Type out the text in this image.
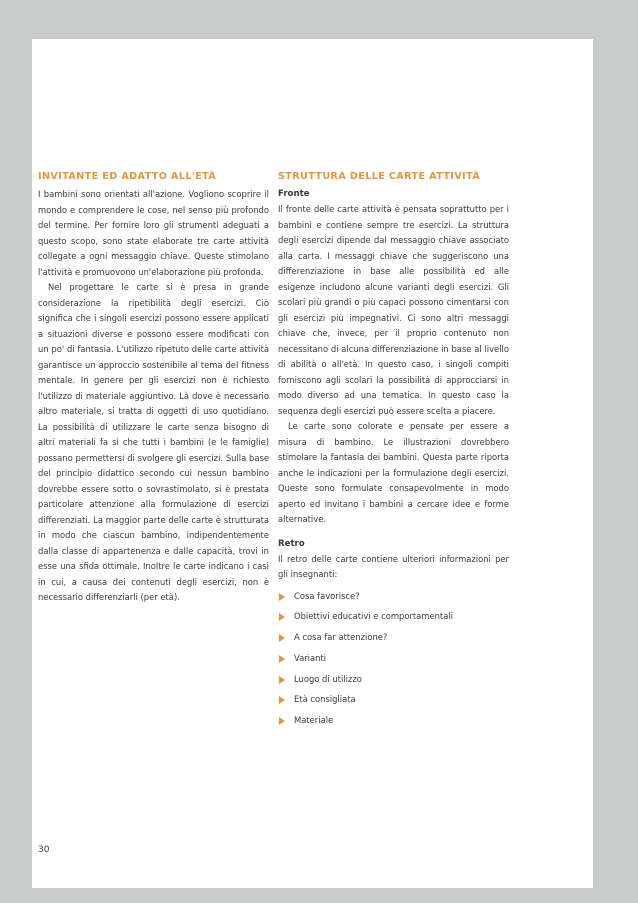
INVITANTE ED ADATTO ALL'ETÀ

I bambini sono orientati all'azione. Vogliono scoprire il mondo e comprendere le cose, nel senso più profondo del termine. Per fornire loro gli strumenti adeguati a questo scopo, sono state elaborate tre carte attività collegate a ogni messaggio chiave. Queste stimolano l'attività e promuovono un'elaborazione più profonda.

Nel progettare le carte si è presa in grande considerazione la ripetibilità degli esercizi. Ciò significa che i singoli esercizi possono essere applicati a situazioni diverse e possono essere modificati con un po' di fantasia. L'utilizzo ripetuto delle carte attività garantisce un approccio sostenibile al tema del fitness mentale. In genere per gli esercizi non è richiesto l'utilizzo di materiale aggiuntivo. Là dove è necessario altro materiale, si tratta di oggetti di uso quotidiano. La possibilità di utilizzare le carte senza bisogno di altri materiali fa sì che tutti i bambini (e le famiglie) possano permettersi di svolgere gli esercizi. Sulla base del principio didattico secondo cui nessun bambino dovrebbe essere sotto o sovrastimolato, si è prestata particolare attenzione alla formulazione di esercizi differenziati. La maggior parte delle carte è strutturata in modo che ciascun bambino, indipendentemente dalla classe di appartenenza e dalle capacità, trovi in esse una sfida ottimale. Inoltre le carte indicano i casi in cui, a causa dei contenuti degli esercizi, non è necessario differenziarli (per età).

STRUTTURA DELLE CARTE ATTIVITÀ
Fronte

Il fronte delle carte attività è pensata soprattutto per i bambini e contiene sempre tre esercizi. La struttura degli esercizi dipende dal messaggio chiave associato alla carta. I messaggi chiave che suggeriscono una differenziazione in base alle possibilità ed alle esigenze includono alcune varianti degli esercizi. Gli scolari più grandi o più capaci possono cimentarsi con gli esercizi più impegnativi. Ci sono altri messaggi chiave che, invece, per il proprio contenuto non necessitano di alcuna differenziazione in base al livello di abilità o all'età. In questo caso, i singoli compiti forniscono agli scolari la possibilità di approcciarsi in modo diverso ad una tematica. In questo caso la sequenza degli esercizi può essere scelta a piacere.

Le carte sono colorate e pensate per essere a misura di bambino. Le illustrazioni dovrebbero stimolare la fantasia dei bambini. Questa parte riporta anche le indicazioni per la formulazione degli esercizi. Queste sono formulate consapevolmente in modo aperto ed invitano i bambini a cercare idee e forme alternative.

Retro

Il retro delle carte contiene ulteriori informazioni per gli insegnanti:

Cosa favorisce?
Obiettivi educativi e comportamentali
A cosa far attenzione?
Varianti
Luogo di utilizzo
Età consigliata
Materiale
30
